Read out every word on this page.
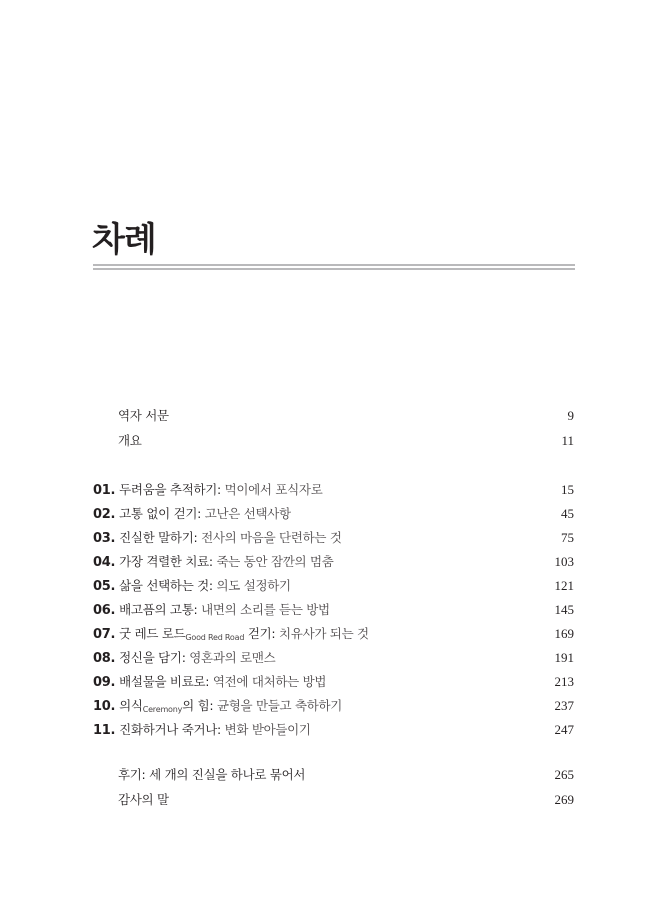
차례
역자 서문	9
개요	11
01. 두려움을 추적하기: 먹이에서 포식자로	15
02. 고통 없이 걷기: 고난은 선택사항	45
03. 진실한 말하기: 전사의 마음을 단련하는 것	75
04. 가장 격렬한 치료: 죽는 동안 잠깐의 멈춤	103
05. 삶을 선택하는 것: 의도 설정하기	121
06. 배고픔의 고통: 내면의 소리를 듣는 방법	145
07. 굿 레드 로드Good Red Road 걷기: 치유사가 되는 것	169
08. 정신을 담기: 영혼과의 로맨스	191
09. 배설물을 비료로: 역전에 대처하는 방법	213
10. 의식Ceremony의 힘: 균형을 만들고 축하하기	237
11. 진화하거나 죽거나: 변화 받아들이기	247
후기: 세 개의 진실을 하나로 묶어서	265
감사의 말	269
